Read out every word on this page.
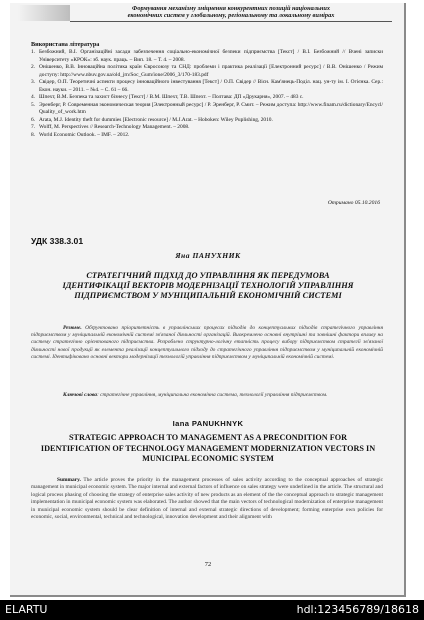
Формування механізму зміцнення конкурентних позицій національних
економічних систем у глобальному, регіональному та локальному вимірах
Використана література
1. Безбожний, В.І. Організаційні засади забезпечення соціально-економічної безпеки підприємства [Текст] / В.І. Безбожний // Вчені записки Університету «КРОК»: зб. наук. праць. – Вип. 18. – Т. 4. – 2008.
2. Онішенко, В.В. Інноваційна політика країн Євросоюзу та СНД: проблеми і практика реалізації [Електронний ресурс] / В.В. Онішенко / Режим доступу: http://www.nbuv.gov.ua/old_jrn/Soc_Gum/ione/2006_3/170-183.pdf
3. Свідер, О.П. Теоретичні аспекти процесу інноваційного інвестування [Текст] / О.П. Свідер // Вісн. Кам'янець-Поділ. нац. ун-ту ім. І. Огієнка. Сер.: Екон. науки. – 2011. – №4. – С. 61 – 66.
4. Шпехт, В.М. Безпека та захист бізнесу [Текст] / В.М. Шпехт, Т.В. Шпехт. – Полтава: ДП «Друкарня», 2007. – 483 с.
5. Эренберг, Р. Современная экономическая теория [Электронный ресурс] / Р. Эренберг, Р. Смит. – Режим доступа: http://www.finam.ru/dictionary/Encycl/ Quality_of_work.htm
6. Arata, M.J. Identity theft for dummies [Electronic resource] / M.J.Arat. – Hoboken: Wiley Puplishing, 2010.
7. Wolff, M. Perspectives // Research-Technology Management. – 2008.
8. World Economic Outlook. – IMF. – 2012.
Отримано 05.10.2016
УДК 338.3.01
Яна ПАНУХНИК
СТРАТЕГІЧНИЙ ПІДХІД ДО УПРАВЛІННЯ ЯК ПЕРЕДУМОВА ІДЕНТИФІКАЦІЇ ВЕКТОРІВ МОДЕРНІЗАЦІЇ ТЕХНОЛОГІЙ УПРАВЛІННЯ ПІДПРИЄМСТВОМ У МУНІЦИПАЛЬНІЙ ЕКОНОМІЧНІЙ СИСТЕМІ
Резюме. Обґрунтовано пріоритетність в управлінських процесах підходів до концептуальних підходів стратегічного управління підприємством у муніципальній економічній системі зв'язаної діяльності організацій. Виокремлено основні внутрішні та зовнішні фактори впливу на систему стратегічно орієнтованого підприємства. Розроблено структурно-логічну етапність процесу вибору підприємством стратегії зв'язаної діяльності нової продукції як елемента реалізації концептуального підходу до стратегічного управління підприємством у муніципальній економічній системі. Ідентифіковано основні вектори модернізації технологій управління підприємством у муніципальній економічній системі.
Ключові слова: стратегічне управління, муніципальна економічна система, технології управління підприємством.
Iana PANUKHNYK
STRATEGIC APPROACH TO MANAGEMENT AS A PRECONDITION FOR IDENTIFICATION OF TECHNOLOGY MANAGEMENT MODERNIZATION VECTORS IN MUNICIPAL ECONOMIC SYSTEM
Summary. The article proves the priority in the management processes of sales activity according to the conceptual approaches of strategic management in municipal economic system. The major internal and external factors of influence on sales strategy were underlined in the article. The structural and logical process phasing of choosing the strategy of enterprise sales activity of new products as an element of the the conceptual approach to strategic management implementation in municipal economic system was elaborated. The author showed that the main vectors of technological modernization of enterprise management in municipal economic system should be clear definition of internal and external strategic directions of development; forming enterprise own policies for economic, social, environmental, technical and technological, innovation development and their alignment with
72
ELARTU	hdl:123456789/18618
